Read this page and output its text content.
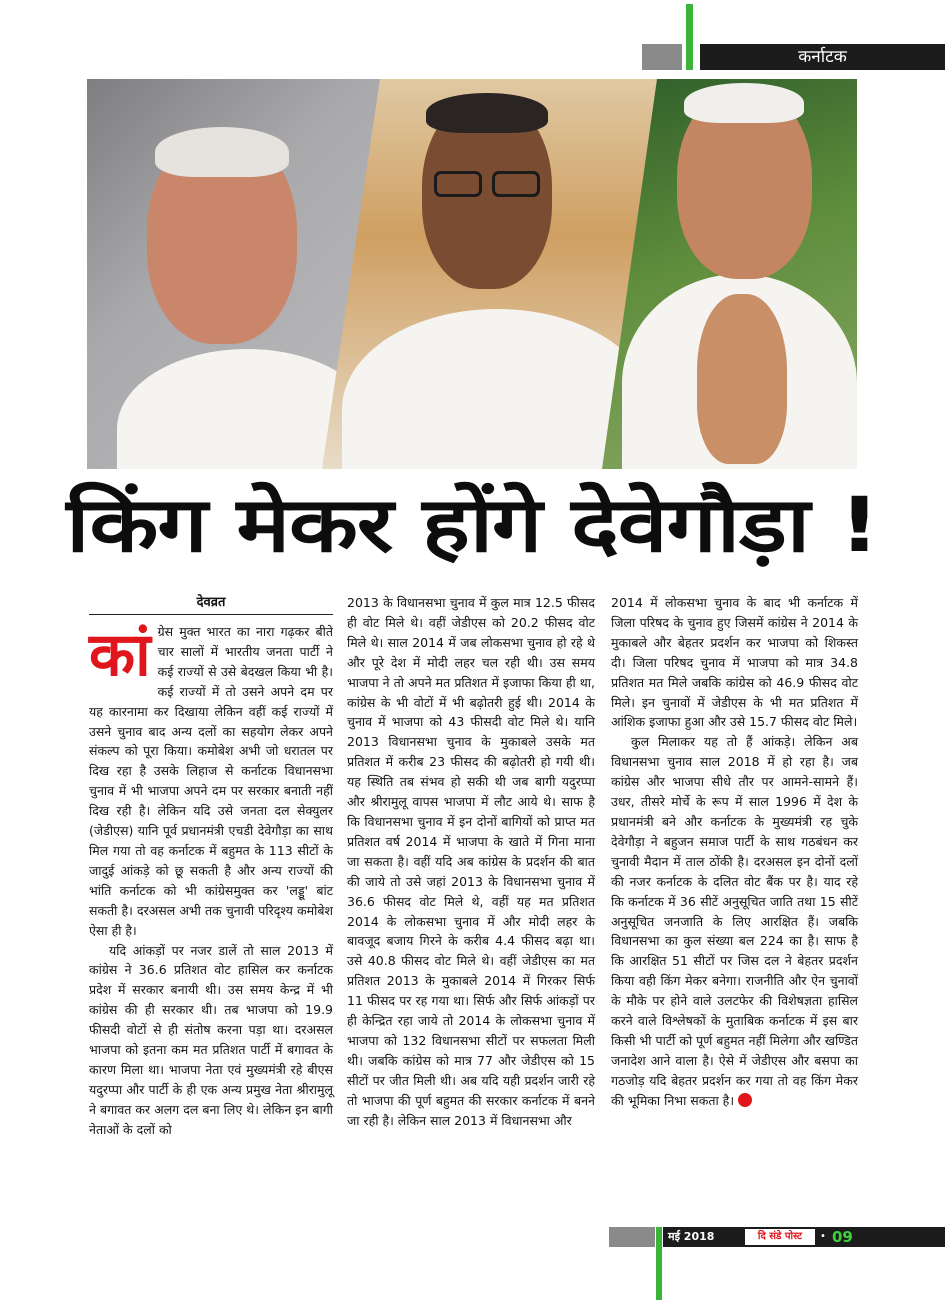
कर्नाटक
किंग मेकर होंगे देवेगौड़ा !
देवव्रत
कां ग्रेस मुक्त भारत का नारा गढ़कर बीते चार सालों में भारतीय जनता पार्टी ने कई राज्यों से उसे बेदखल किया भी है। कई राज्यों में तो उसने अपने दम पर यह कारनामा कर दिखाया लेकिन वहीं कई राज्यों में उसने चुनाव बाद अन्य दलों का सहयोग लेकर अपने संकल्प को पूरा किया। कमोबेश अभी जो धरातल पर दिख रहा है उसके लिहाज से कर्नाटक विधानसभा चुनाव में भी भाजपा अपने दम पर सरकार बनाती नहीं दिख रही है। लेकिन यदि उसे जनता दल सेक्युलर (जेडीएस) यानि पूर्व प्रधानमंत्री एचडी देवेगौड़ा का साथ मिल गया तो वह कर्नाटक में बहुमत के 113 सीटों के जादुई आंकड़े को छू सकती है और अन्य राज्यों की भांति कर्नाटक को भी कांग्रेसमुक्त कर 'लड्डू' बांट सकती है। दरअसल अभी तक चुनावी परिदृश्य कमोबेश ऐसा ही है।

यदि आंकड़ों पर नजर डालें तो साल 2013 में कांग्रेस ने 36.6 प्रतिशत वोट हासिल कर कर्नाटक प्रदेश में सरकार बनायी थी। उस समय केन्द्र में भी कांग्रेस की ही सरकार थी। तब भाजपा को 19.9 फीसदी वोटों से ही संतोष करना पड़ा था। दरअसल भाजपा को इतना कम मत प्रतिशत पार्टी में बगावत के कारण मिला था। भाजपा नेता एवं मुख्यमंत्री रहे बीएस यदुरप्पा और पार्टी के ही एक अन्य प्रमुख नेता श्रीरामुलू ने बगावत कर अलग दल बना लिए थे। लेकिन इन बागी नेताओं के दलों को

2013 के विधानसभा चुनाव में कुल मात्र 12.5 फीसद ही वोट मिले थे। वहीं जेडीएस को 20.2 फीसद वोट मिले थे। साल 2014 में जब लोकसभा चुनाव हो रहे थे और पूरे देश में मोदी लहर चल रही थी। उस समय भाजपा ने तो अपने मत प्रतिशत में इजाफा किया ही था, कांग्रेस के भी वोटों में भी बढ़ोतरी हुई थी। 2014 के चुनाव में भाजपा को 43 फीसदी वोट मिले थे। यानि 2013 विधानसभा चुनाव के मुकाबले उसके मत प्रतिशत में करीब 23 फीसद की बढ़ोतरी हो गयी थी। यह स्थिति तब संभव हो सकी थी जब बागी यदुरप्पा और श्रीरामुलू वापस भाजपा में लौट आये थे। साफ है कि विधानसभा चुनाव में इन दोनों बागियों को प्राप्त मत प्रतिशत वर्ष 2014 में भाजपा के खाते में गिना माना जा सकता है। वहीं यदि अब कांग्रेस के प्रदर्शन की बात की जाये तो उसे जहां 2013 के विधानसभा चुनाव में 36.6 फीसद वोट मिले थे, वहीं यह मत प्रतिशत 2014 के लोकसभा चुनाव में और मोदी लहर के बावजूद बजाय गिरने के करीब 4.4 फीसद बढ़ा था। उसे 40.8 फीसद वोट मिले थे। वहीं जेडीएस का मत प्रतिशत 2013 के मुकाबले 2014 में गिरकर सिर्फ 11 फीसद पर रह गया था। सिर्फ और सिर्फ आंकड़ों पर ही केन्द्रित रहा जाये तो 2014 के लोकसभा चुनाव में भाजपा को 132 विधानसभा सीटों पर सफलता मिली थी। जबकि कांग्रेस को मात्र 77 और जेडीएस को 15 सीटों पर जीत मिली थी। अब यदि यही प्रदर्शन जारी रहे तो भाजपा की पूर्ण बहुमत की सरकार कर्नाटक में बनने जा रही है। लेकिन साल 2013 में विधानसभा और

2014 में लोकसभा चुनाव के बाद भी कर्नाटक में जिला परिषद के चुनाव हुए जिसमें कांग्रेस ने 2014 के मुकाबले और बेहतर प्रदर्शन कर भाजपा को शिकस्त दी। जिला परिषद चुनाव में भाजपा को मात्र 34.8 प्रतिशत मत मिले जबकि कांग्रेस को 46.9 फीसद वोट मिले। इन चुनावों में जेडीएस के भी मत प्रतिशत में आंशिक इजाफा हुआ और उसे 15.7 फीसद वोट मिले।

कुल मिलाकर यह तो हैं आंकड़े। लेकिन अब विधानसभा चुनाव साल 2018 में हो रहा है। जब कांग्रेस और भाजपा सीधे तौर पर आमने-सामने हैं। उधर, तीसरे मोर्चे के रूप में साल 1996 में देश के प्रधानमंत्री बने और कर्नाटक के मुख्यमंत्री रह चुके देवेगौड़ा ने बहुजन समाज पार्टी के साथ गठबंधन कर चुनावी मैदान में ताल ठोंकी है। दरअसल इन दोनों दलों की नजर कर्नाटक के दलित वोट बैंक पर है। याद रहे कि कर्नाटक में 36 सीटें अनुसूचित जाति तथा 15 सीटें अनुसूचित जनजाति के लिए आरक्षित हैं। जबकि विधानसभा का कुल संख्या बल 224 का है। साफ है कि आरक्षित 51 सीटों पर जिस दल ने बेहतर प्रदर्शन किया वही किंग मेकर बनेगा। राजनीति और ऐन चुनावों के मौके पर होने वाले उलटफेर की विशेषज्ञता हासिल करने वाले विश्लेषकों के मुताबिक कर्नाटक में इस बार किसी भी पार्टी को पूर्ण बहुमत नहीं मिलेगा और खण्डित जनादेश आने वाला है। ऐसे में जेडीएस और बसपा का गठजोड़ यदि बेहतर प्रदर्शन कर गया तो वह किंग मेकर की भूमिका निभा सकता है।

मई 2018	दि संडे पोस्ट	• 09
